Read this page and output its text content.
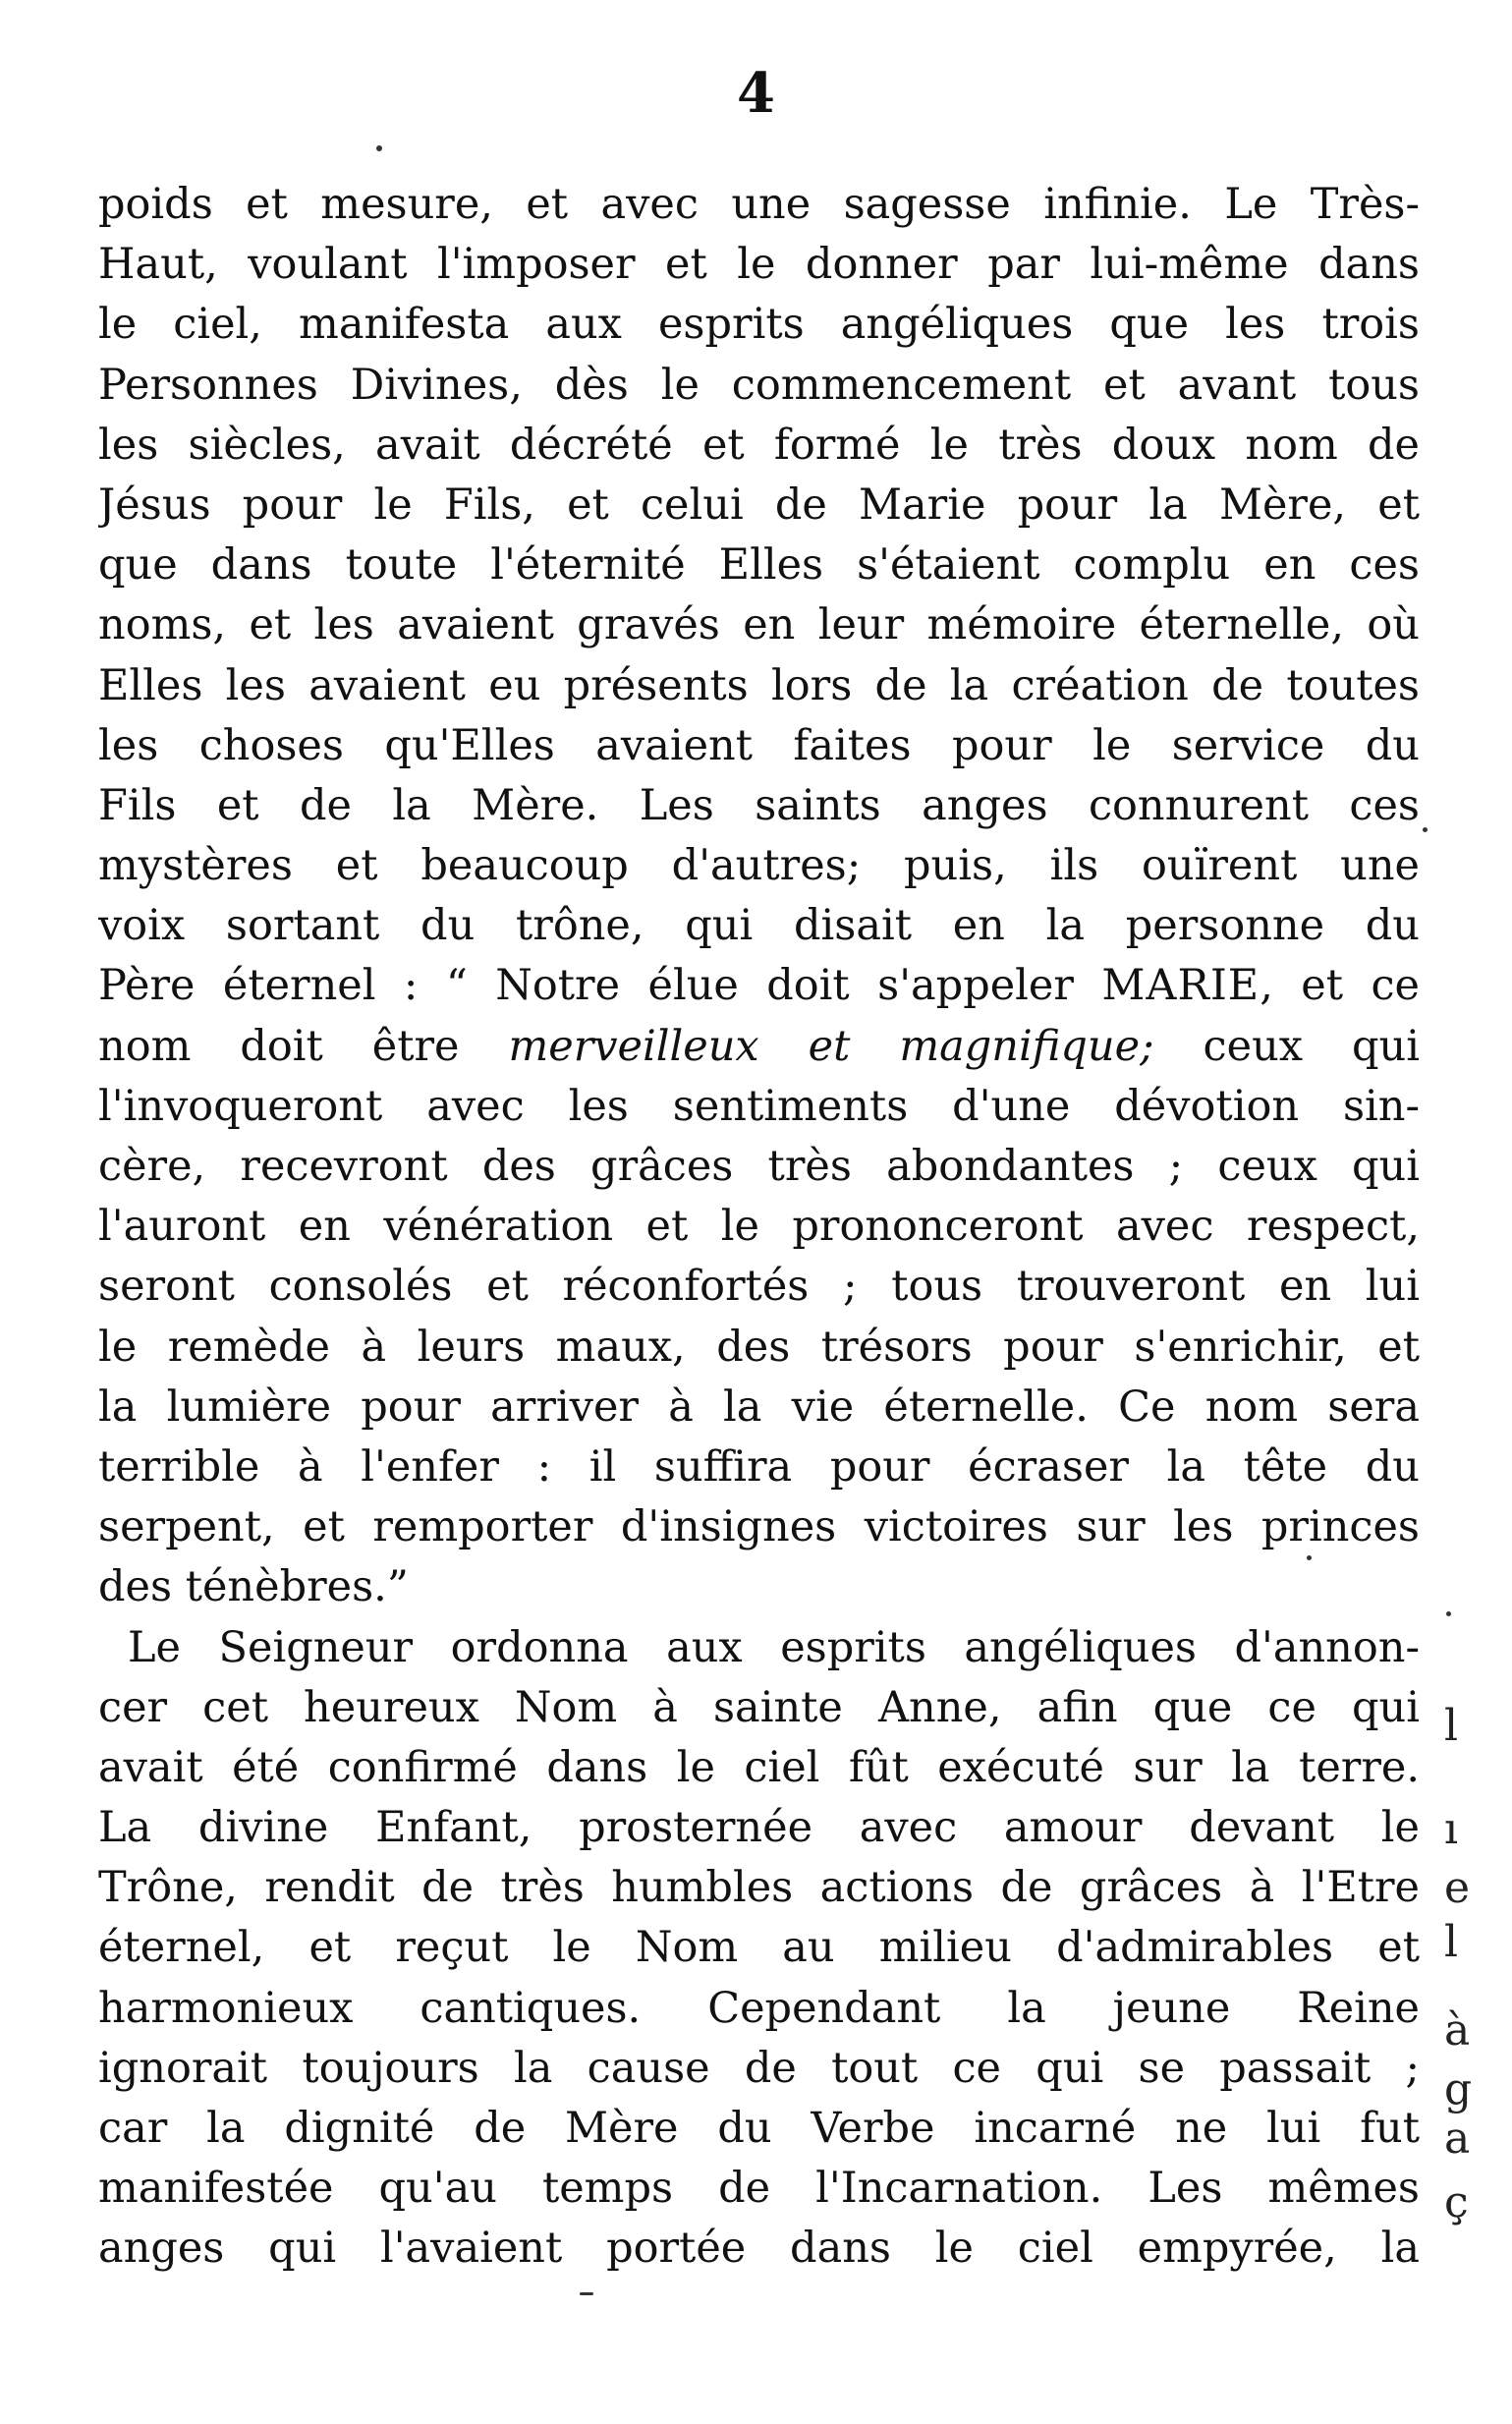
4
poids et mesure, et avec une sagesse infinie. Le Très-
Haut, voulant l'imposer et le donner par lui-même dans
le ciel, manifesta aux esprits angéliques que les trois
Personnes Divines, dès le commencement et avant tous
les siècles, avait décrété et formé le très doux nom de
Jésus pour le Fils, et celui de Marie pour la Mère, et
que dans toute l'éternité Elles s'étaient complu en ces
noms, et les avaient gravés en leur mémoire éternelle, où
Elles les avaient eu présents lors de la création de toutes
les choses qu'Elles avaient faites pour le service du
Fils et de la Mère. Les saints anges connurent ces
mystères et beaucoup d'autres; puis, ils ouïrent une
voix sortant du trône, qui disait en la personne du
Père éternel : “ Notre élue doit s'appeler MARIE, et ce
nom doit être merveilleux et magnifique; ceux qui
l'invoqueront avec les sentiments d'une dévotion sin-
cère, recevront des grâces très abondantes ; ceux qui
l'auront en vénération et le prononceront avec respect,
seront consolés et réconfortés ; tous trouveront en lui
le remède à leurs maux, des trésors pour s'enrichir, et
la lumière pour arriver à la vie éternelle. Ce nom sera
terrible à l'enfer : il suffira pour écraser la tête du
serpent, et remporter d'insignes victoires sur les princes
des ténèbres.”
Le Seigneur ordonna aux esprits angéliques d'annon-
cer cet heureux Nom à sainte Anne, afin que ce qui
avait été confirmé dans le ciel fût exécuté sur la terre.
La divine Enfant, prosternée avec amour devant le
Trône, rendit de très humbles actions de grâces à l'Etre
éternel, et reçut le Nom au milieu d'admirables et
harmonieux cantiques. Cependant la jeune Reine
ignorait toujours la cause de tout ce qui se passait ;
car la dignité de Mère du Verbe incarné ne lui fut
manifestée qu'au temps de l'Incarnation. Les mêmes
anges qui l'avaient portée dans le ciel empyrée, la
l
ı
e
l
à
g
a
ç
